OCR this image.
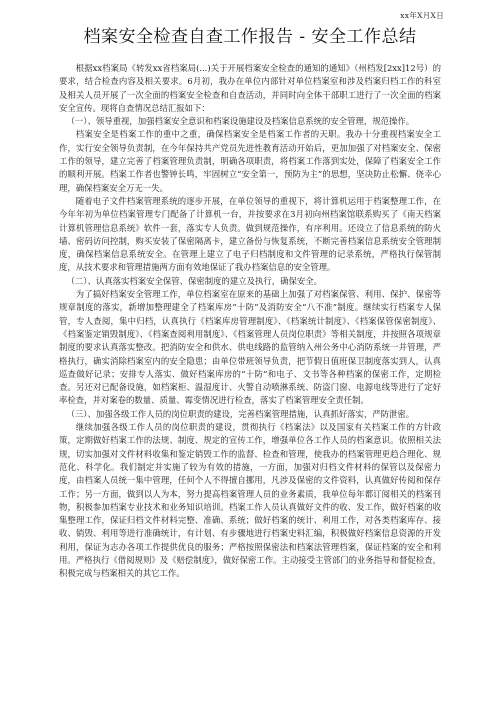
xx年X月X日
档案安全检查自查工作报告 - 安全工作总结

根据xx档案局《转发xx省档案局(...)关于开展档案安全检查的通知的通知》（州档发[2xx]12号）的要求，结合检查内容及相关要求。6月初，我办在单位内部针对单位档案室和涉及档案归档工作的科室及相关人员开展了一次全面的档案安全检查和自查活动，并同时向全体干部职工进行了一次全面的档案安全宣传。现将自查情况总结汇报如下：

（一）、领导重视，加强档案安全意识和档案设施建设及档案信息系统的安全管理，规范操作。

档案安全是档案工作的重中之重，确保档案安全是档案工作者的天职。我办十分重视档案安全工作，实行安全领导负责制，在今年保持共产党员先进性教育活动开始后，更加加强了对档案安全、保密工作的领导，建立完善了档案管理负责制，明确各项职责，将档案工作落到实处，保障了档案安全工作的顺利开展。档案工作者也警钟长鸣，牢固树立“安全第一，预防为主”的思想，坚决防止松懈、侥幸心理，确保档案安全万无一失。

随着电子文件档案管理系统的逐步开展，在单位领导的重视下，将计算机运用于档案整理工作，在今年年初为单位档案管理专门配备了计算机一台，并按要求在3月初向州档案馆联系购买了《南天档案计算机管理信息系统》软件一套，落实专人负责。做到规范操作，有序利用。还设立了信息系统的防火墙、密码访问控制，购买安装了保密隔离卡，建立备份与恢复系统，不断完善档案信息系统安全管理制度，确保档案信息系统安全。在管理上建立了电子归档制度和文件管理的记录系统，严格执行保管制度，从技术要求和管理措施两方面有效地保证了我办档案信息的安全管理。

（二）、认真落实档案安全保管、保密制度的建立及执行，确保安全。

为了搞好档案安全管理工作，单位档案室在原来的基础上加强了对档案保管、利用、保护、保密等规章制度的落实，新增加整理建全了档案库房“十防”及消防安全“八不准”制度。继续实行档案专人保管，专人查阅，集中归档，认真执行《档案库房管理制度》、《档案统计制度》、《档案保管保密制度》、《档案鉴定销毁制度》、《档案查阅利用制度》、《档案管理人员岗位职责》等相关制度，并按照各项规章制度的要求认真落实整改。把消防安全和供水、供电线路的监管纳入州公务中心消防系统一并管理，严格执行，确实消除档案室内的安全隐患；由单位带班领导负责，把节假日值班保卫制度落实到人，认真巡查做好记录；安排专人落实、做好档案库房的“十防”和电子、文书等各种档案的保密工作，定期检查。另还对已配备设施，如档案柜、温湿度计、火警自动喷淋系统、防盗门窗、电源电线等进行了定好率检查，并对案卷的数量、质量、霉变情况进行检查，落实了档案管理安全责任制。

（三）、加强各级工作人员的岗位职责的建设，完善档案管理措施，认真抓好落实，严防泄密。

继续加强各级工作人员的岗位职责的建设，贯彻执行《档案法》以及国家有关档案工作的方针政策，定期做好档案工作的法规、制度、规定的宣传工作，增强单位各工作人员的档案意识。依照相关法规，切实加强对文件材料收集和鉴定销毁工作的监督、检查和管理，使我办的档案管理更趋合理化、规范化、科学化。我们制定并实施了较为有效的措施，一方面，加强对归档文件材料的保管以及保密力度，由档案人员统一集中管理，任何个人不得擅自挪用，凡涉及保密的文件资料，认真做好传阅和保存工作；另一方面，做到以人为本，努力提高档案管理人员的业务素质，我单位每年都订阅相关的档案刊物，积极参加档案专业技术和业务知识培训。档案工作人员认真做好文件的收、发工作，做好档案的收集整理工作，保证归档文件材料完整、准确、系统；做好档案的统计、利用工作，对各类档案库存、接收、销毁、利用等进行准确统计，有计划、有步骤地进行档案史料汇编，积极做好档案信息资源的开发利用，保证为志办各项工作提供优良的服务；严格按照保密法和档案法管理档案，保证档案的安全和利用。严格执行《借阅规则》及《赔偿制度》，做好保密工作。主动接受主管部门的业务指导和督促检查，积极完成与档案相关的其它工作。
